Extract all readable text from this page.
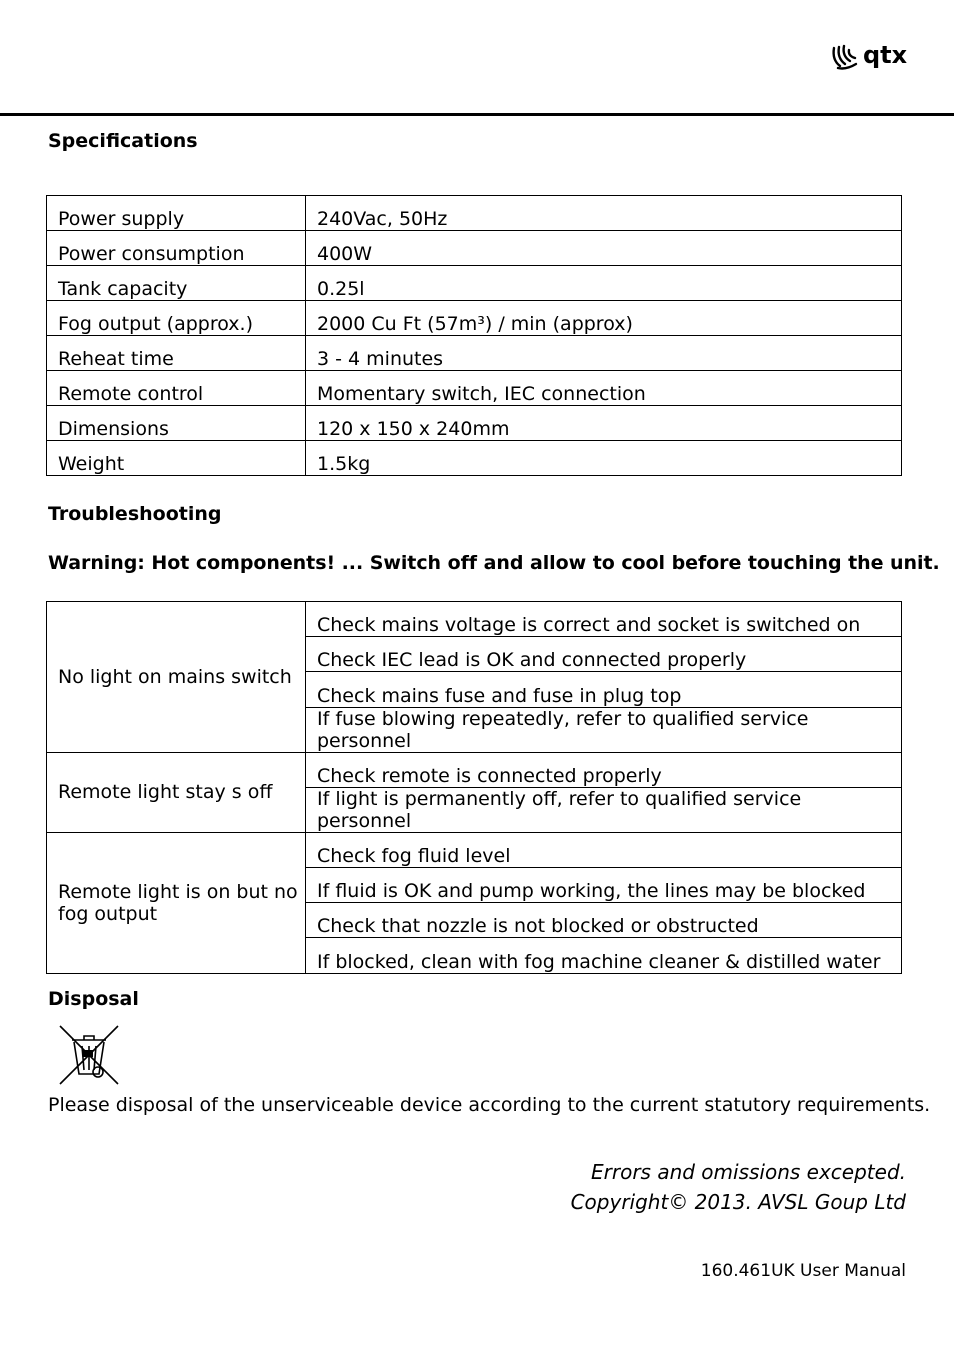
qtx
Specifications
Power supply	240Vac, 50Hz
Power consumption	400W
Tank capacity	0.25l
Fog output (approx.)	2000 Cu Ft (57m³) / min (approx)
Reheat time	3 - 4 minutes
Remote control	Momentary switch, IEC connection
Dimensions	120 x 150 x 240mm
Weight	1.5kg
Troubleshooting
Warning: Hot components! ... Switch off and allow to cool before touching the unit.
No light on mains switch	Check mains voltage is correct and socket is switched on
	Check IEC lead is OK and connected properly
	Check mains fuse and fuse in plug top
	If fuse blowing repeatedly, refer to qualified service personnel
Remote light stay s off	Check remote is connected properly
	If light is permanently off, refer to qualified service personnel
Remote light is on but no fog output	Check fog fluid level
	If fluid is OK and pump working, the lines may be blocked
	Check that nozzle is not blocked or obstructed
	If blocked, clean with fog machine cleaner & distilled water
Disposal
Please disposal of the unserviceable device according to the current statutory requirements.
Errors and omissions excepted.
Copyright© 2013. AVSL Goup Ltd
160.461UK User Manual
